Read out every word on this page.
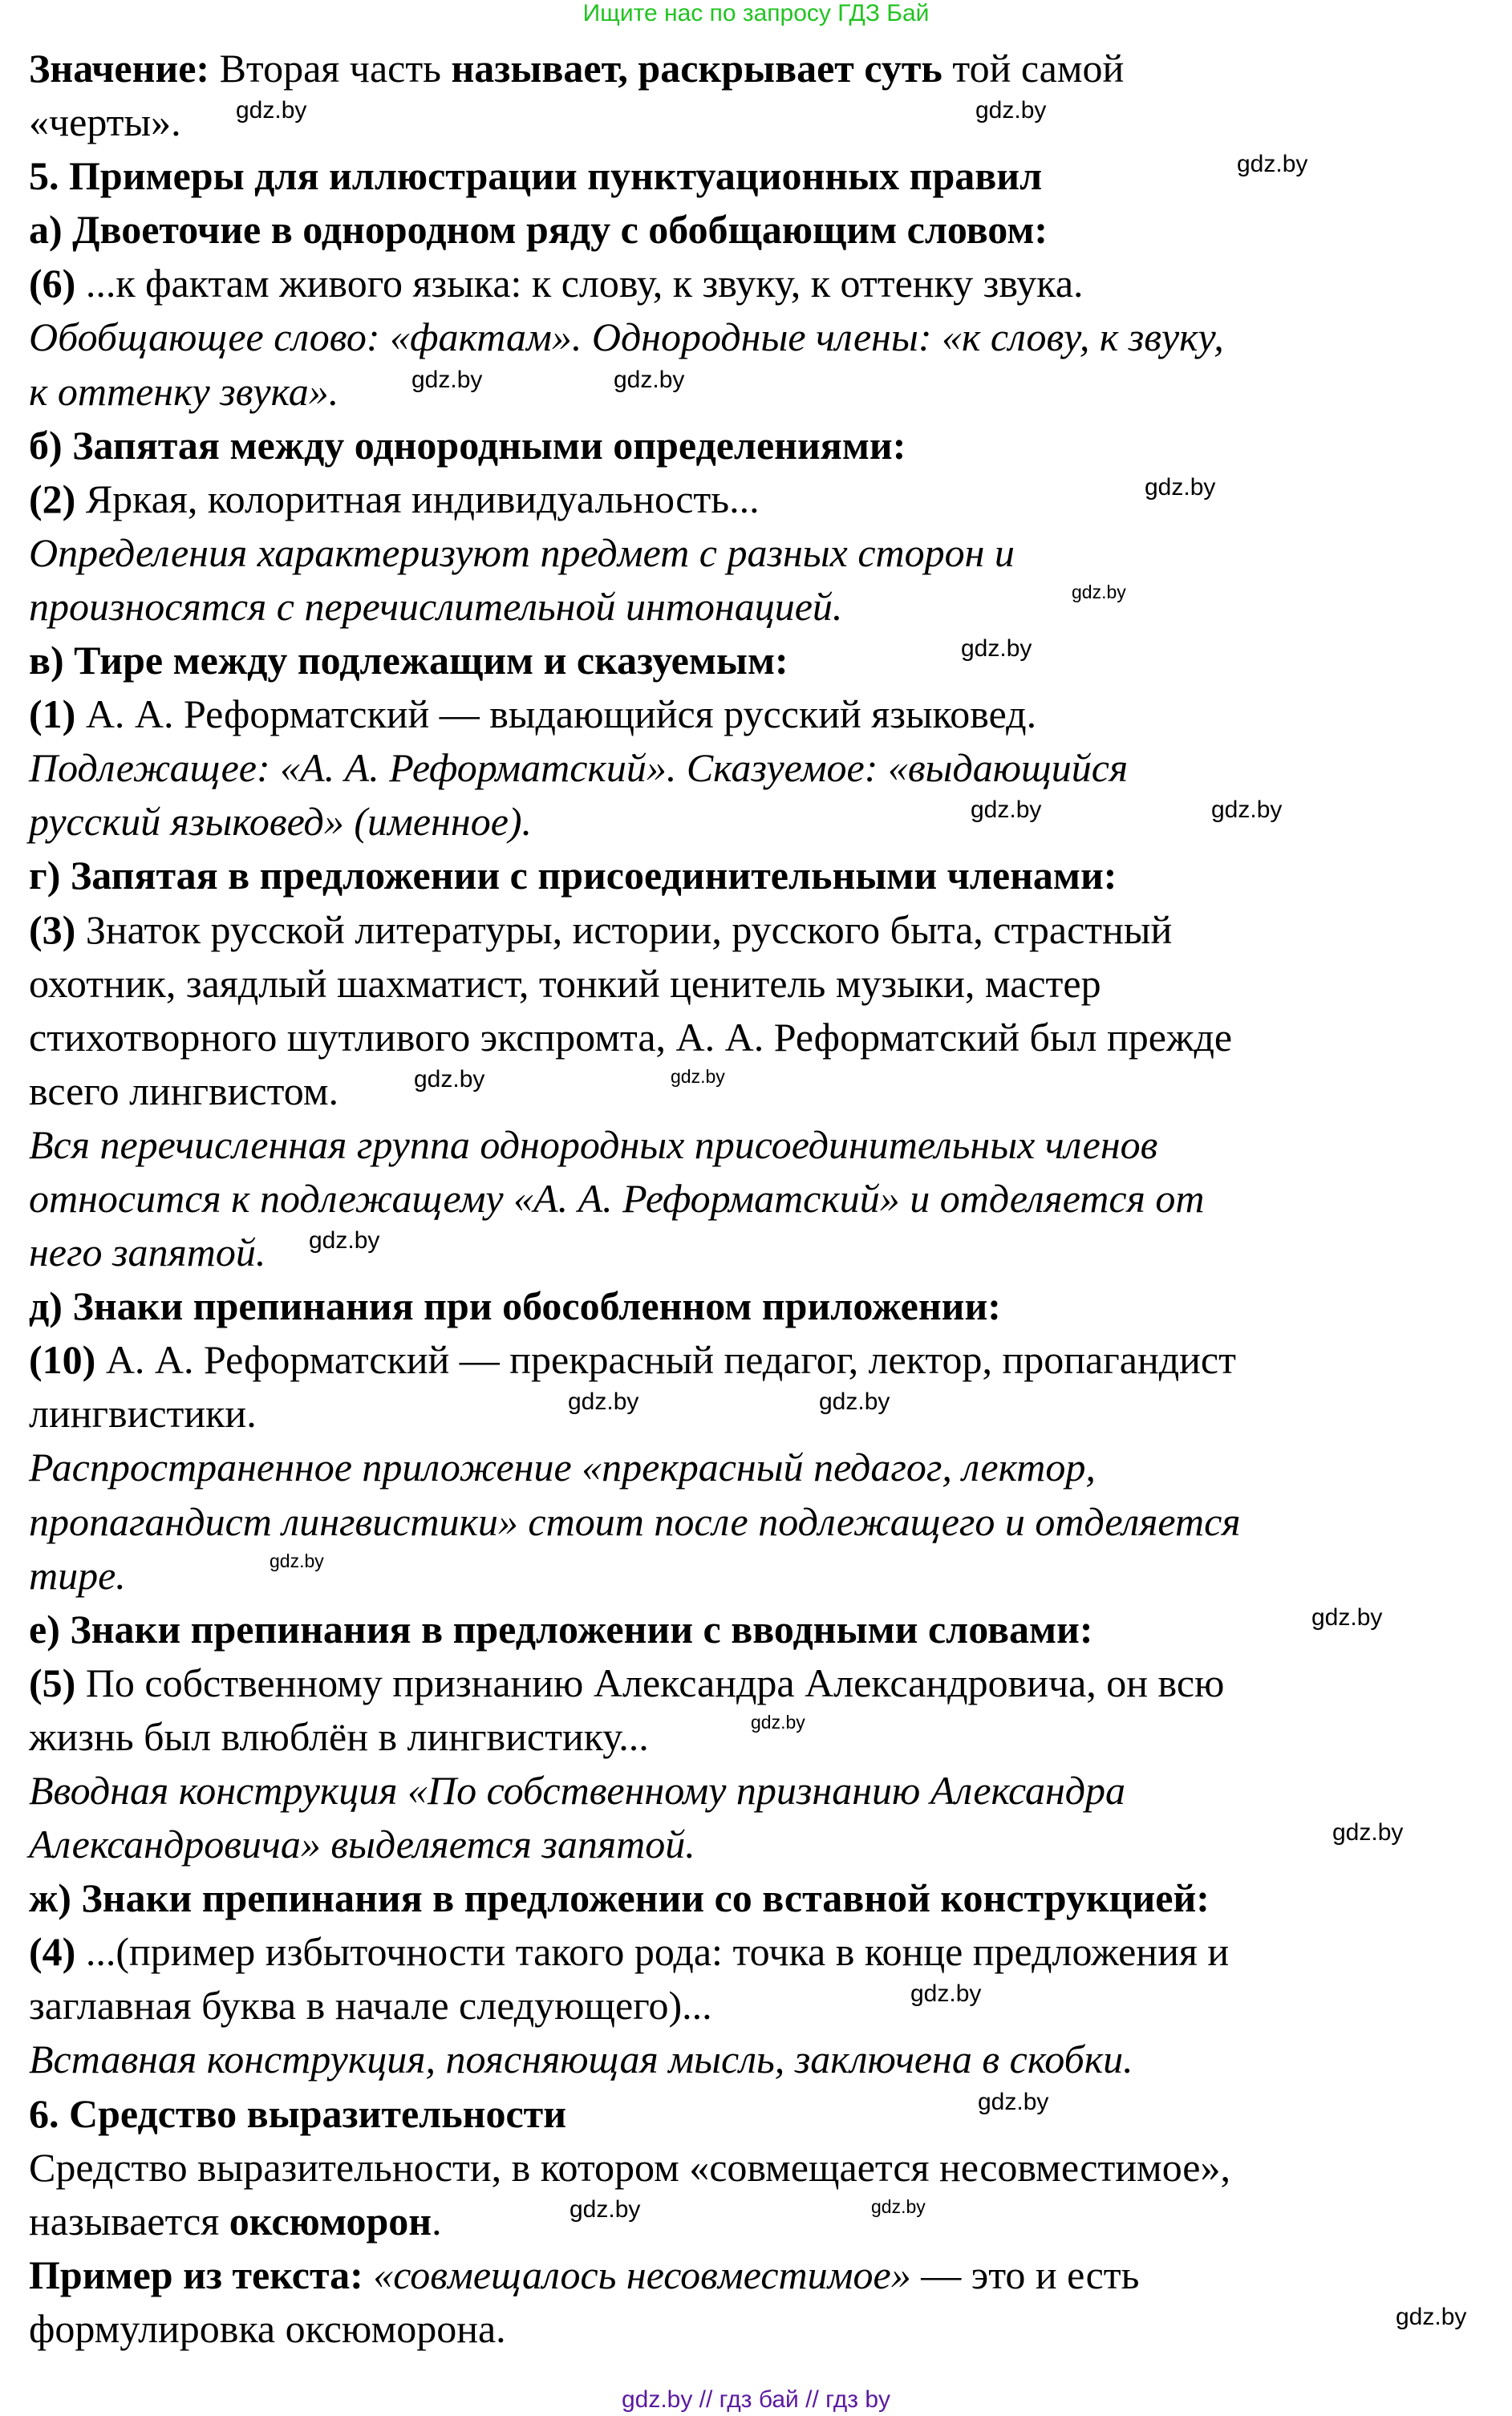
Ищите нас по запросу ГДЗ Бай
Значение: Вторая часть называет, раскрывает суть той самой
«черты». gdz.by	gdz.by
5. Примеры для иллюстрации пунктуационных правил	gdz.by
а) Двоеточие в однородном ряду с обобщающим словом:
(6) ...к фактам живого языка: к слову, к звуку, к оттенку звука.
Обобщающее слово: «фактам». Однородные члены: «к слову, к звуку,
к оттенку звука».	gdz.by
gdz.by
б) Запятая между однородными определениями:
(2) Яркая, колоритная индивидуальность...	gdz.by
Определения характеризуют предмет с разных сторон и
произносятся с перечислительной интонацией.	gdz.by
в) Тире между подлежащим и сказуемым:	gdz.by
(1) А. А. Реформатский — выдающийся русский языковед.
Подлежащее: «А. А. Реформатский». Сказуемое: «выдающийся
русский языковед» (именное).	gdz.by
gdz.by
г) Запятая в предложении с присоединительными членами:
(3) Знаток русской литературы, истории, русского быта, страстный
охотник, заядлый шахматист, тонкий ценитель музыки, мастер
стихотворного шутливого экспромта, А. А. Реформатский был прежде
всего лингвистом.	gdz.by
gdz.by
Вся перечисленная группа однородных присоединительных членов
относится к подлежащему «А. А. Реформатский» и отделяется от
него запятой. gdz.by
д) Знаки препинания при обособленном приложении:
(10) А. А. Реформатский — прекрасный педагог, лектор, пропагандист
лингвистики.	gdz.by
gdz.by
Распространенное приложение «прекрасный педагог, лектор,
пропагандист лингвистики» стоит после подлежащего и отделяется
тире.	gdz.by
е) Знаки препинания в предложении с вводными словами:	gdz.by
(5) По собственному признанию Александра Александровича, он всю
жизнь был влюблён в лингвистику...	gdz.by
Вводная конструкция «По собственному признанию Александра
Александровича» выделяется запятой.	gdz.by
ж) Знаки препинания в предложении со вставной конструкцией:
(4) ...(пример избыточности такого рода: точка в конце предложения и
заглавная буква в начале следующего)...	gdz.by
Вставная конструкция, поясняющая мысль, заключена в скобки.
6. Средство выразительности	gdz.by
Средство выразительности, в котором «совмещается несовместимое»,
называется оксюморон.	gdz.by
gdz.by
Пример из текста: «совмещалось несовместимое» — это и есть
формулировка оксюморона.	gdz.by
gdz.by // гдз бай // гдз by
